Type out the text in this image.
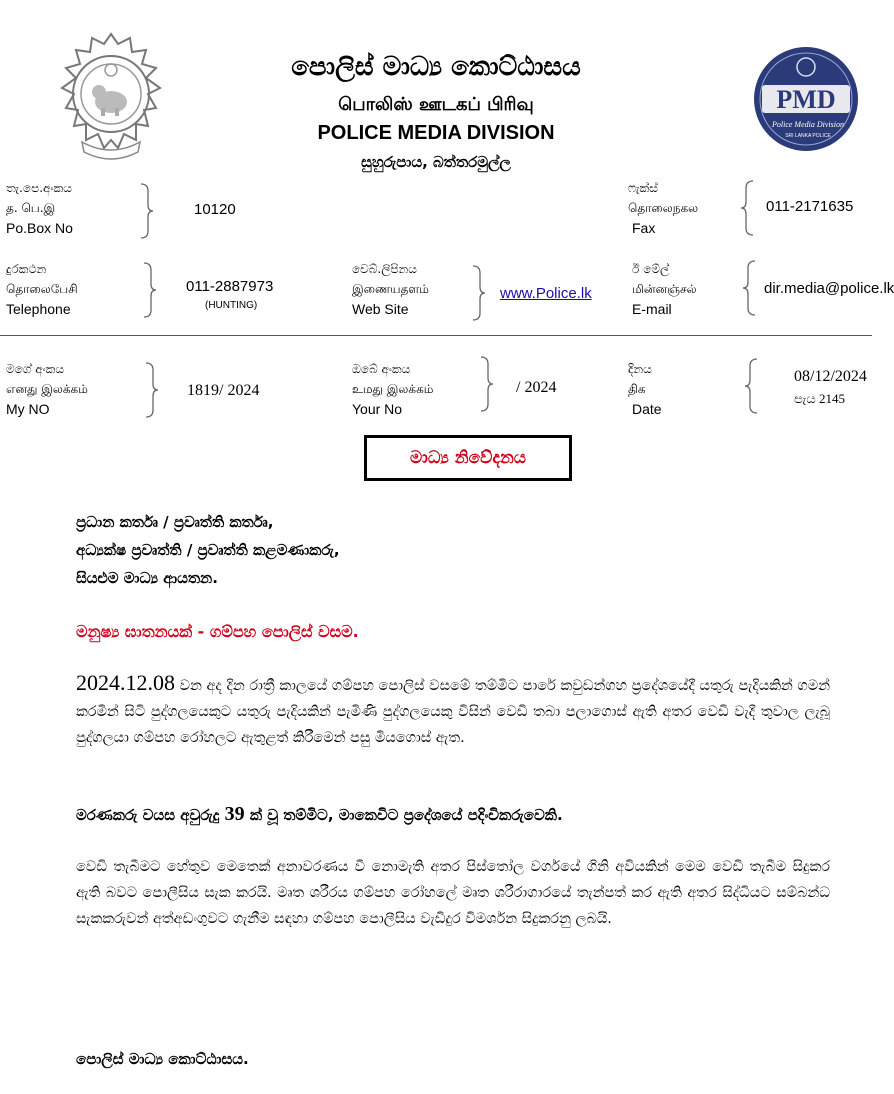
පොලිස් මාධ්‍ය කොට්ඨාසය
பொலிஸ் ஊடகப் பிரிவு
POLICE MEDIA DIVISION
සුහුරුපාය, බත්තරමුල්ල
PMD
Police Media Division
SRI LANKA POLICE
තැ.පෙ.අංකය
த. பெ.இ
Po.Box No
10120
ෆැක්ස්
தொலைநகல
Fax
011-2171635
දුරකථන
தொலைபேசி
Telephone
011-2887973
(HUNTING)
වෙබ්.ලිපිනය
இணையதளம்
Web Site
www.Police.lk
ඊ මේල්
மின்னஞ்சல்
E-mail
dir.media@police.lk
මගේ අංකය
எனது இலக்கம்
My NO
1819/ 2024
ඔබේ අංකය
உமது இலக்கம்
Your No
/ 2024
දිනය
திக
Date
08/12/2024
පැය 2145
මාධ්‍ය නිවේදනය
ප්‍රධාන කර්තෘ / ප්‍රවෘත්ති කර්තෘ,
අධ්‍යක්ෂ ප්‍රවෘත්ති / ප්‍රවෘත්ති කළමණාකරු,
සියළුම මාධ්‍ය ආයතන.
මනුෂ්‍ය ඝාතනයක් - ගම්පහ පොලිස් වසම.
2024.12.08 වන අද දින රාත්‍රී කාලයේ ගම්පහ පොලිස් වසමේ තම්මිට පාරේ කවුඩන්ගහ ප්‍රදේශයේදී යතුරු පැදියකින් ගමන් කරමින් සිටි පුද්ගලයෙකුට යතුරු පැදියකින් පැමිණි පුද්ගලයෙකු විසින් වෙඩි තබා පලාගොස් ඇති අතර වෙඩි වැදී තුවාල ලැබූ පුද්ගලයා ගම්පහ රෝහලට ඇතුළත් කිරීමෙන් පසු මියගොස් ඇත.
මරණකරු වයස අවුරුදු 39 ක් වූ තම්මිට, මාකෙවිට ප්‍රදේශයේ පදිංචිකරුවෙකි.
වෙඩි තැබීමට හේතුව මෙතෙක් අනාවරණය වී නොමැති අතර පිස්තෝල වර්ගයේ ගිනි අවියකින් මෙම වෙඩි තැබීම සිදුකර ඇති බවට පොලීසිය සැක කරයි. මෘත ශරීරය ගම්පහ රෝහලේ මෘත ශරීරාගාරයේ තැන්පත් කර ඇති අතර සිද්ධියට සම්බන්ධ සැකකරුවන් අත්අඩංගුවට ගැනීම සඳහා ගම්පහ පොලීසිය වැඩිදුර විමර්ශන සිදුකරනු ලබයි.
පොලිස් මාධ්‍ය කොට්ඨාසය.
